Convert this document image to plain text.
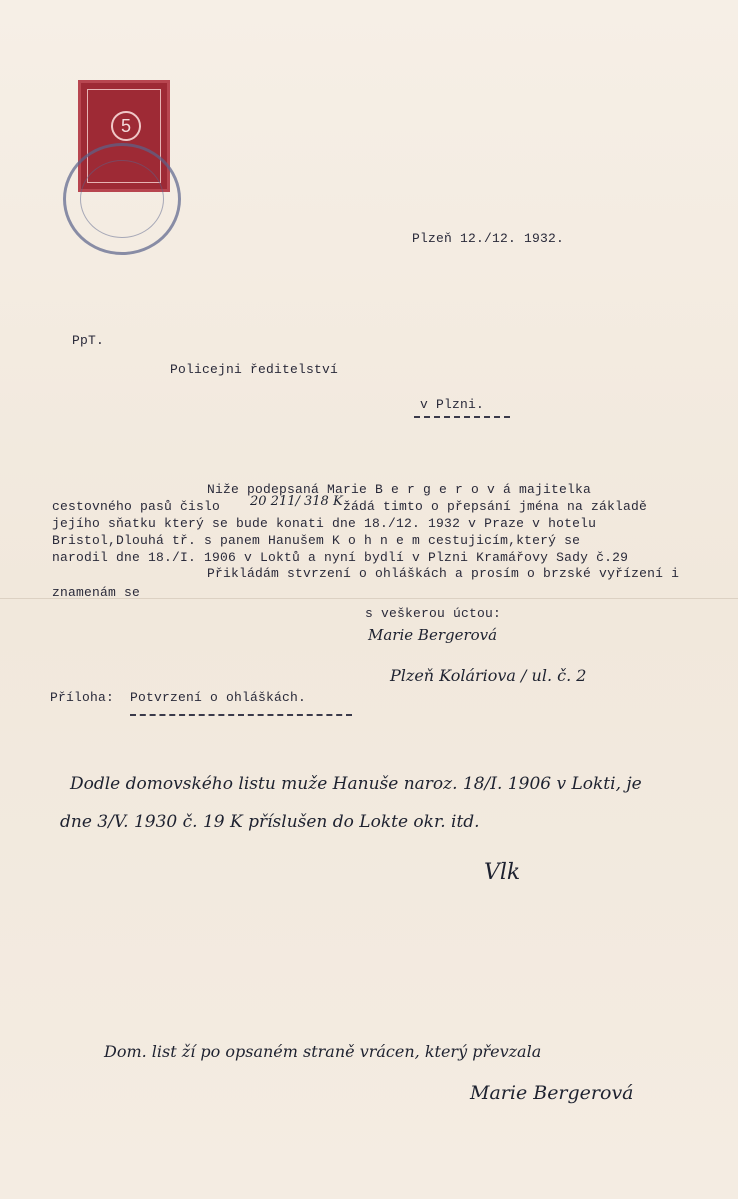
5
Plzeň 12./12. 1932.
PpT.
Policejni ředitelství
v Plzni.
Niže podepsaná Marie B e r g e r o v á majitelka
cestovného pasů čislo 20 211/ 318 K žádá timto o přepsání jména na základě
jejího sňatku který se bude konati dne 18./12. 1932 v Praze v hotelu
Bristol,Dlouhá tř. s panem Hanušem K o h n e m cestujicím,který se
narodil dne 18./I. 1906 v Loktů a nyní bydlí v Plzni Kramářovy Sady č.29
Přikládám stvrzení o ohláškách a prosím o brzské vyřízení i
znamenám se
s veškerou úctou:
Marie Bergerová
Plzeň Koláriova / ul. č. 2
Příloha: Potvrzení o ohláškách.
Dodle domovského listu muže Hanuše naroz. 18/I. 1906 v Lokti, je
dne 3/V. 1930 č. 19 K příslušen do Lokte okr. itd.
Vlk
Dom. list ží po opsaném straně vrácen, který převzala
Marie Bergerová
